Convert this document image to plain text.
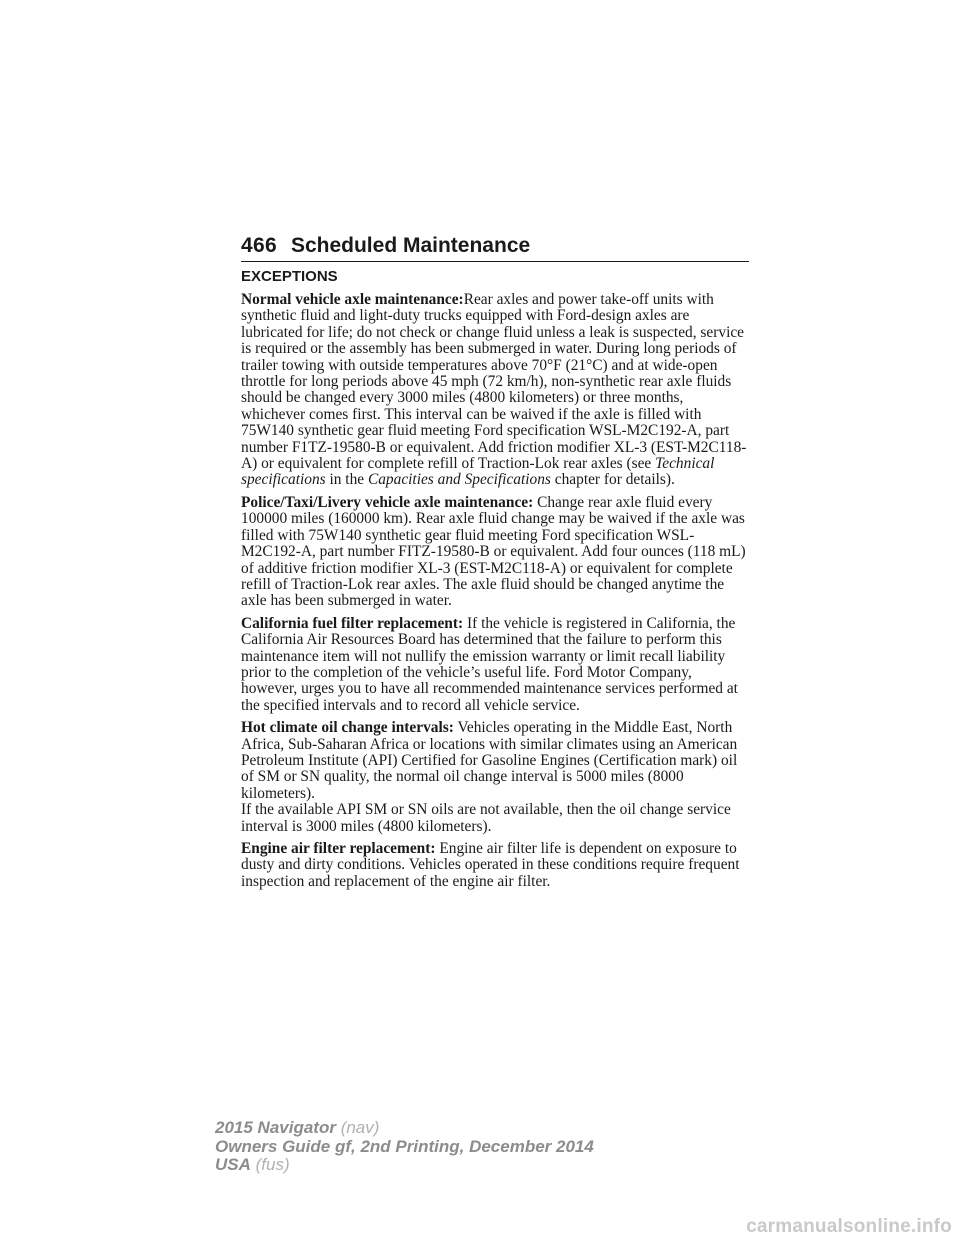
466 Scheduled Maintenance
EXCEPTIONS

Normal vehicle axle maintenance:Rear axles and power take-off units with synthetic fluid and light-duty trucks equipped with Ford-design axles are lubricated for life; do not check or change fluid unless a leak is suspected, service is required or the assembly has been submerged in water. During long periods of trailer towing with outside temperatures above 70°F (21°C) and at wide-open throttle for long periods above 45 mph (72 km/h), non-synthetic rear axle fluids should be changed every 3000 miles (4800 kilometers) or three months, whichever comes first. This interval can be waived if the axle is filled with 75W140 synthetic gear fluid meeting Ford specification WSL-M2C192-A, part number F1TZ-19580-B or equivalent. Add friction modifier XL-3 (EST-M2C118-A) or equivalent for complete refill of Traction-Lok rear axles (see Technical specifications in the Capacities and Specifications chapter for details).

Police/Taxi/Livery vehicle axle maintenance: Change rear axle fluid every 100000 miles (160000 km). Rear axle fluid change may be waived if the axle was filled with 75W140 synthetic gear fluid meeting Ford specification WSL-M2C192-A, part number FITZ-19580-B or equivalent. Add four ounces (118 mL) of additive friction modifier XL-3 (EST-M2C118-A) or equivalent for complete refill of Traction-Lok rear axles. The axle fluid should be changed anytime the axle has been submerged in water.

California fuel filter replacement: If the vehicle is registered in California, the California Air Resources Board has determined that the failure to perform this maintenance item will not nullify the emission warranty or limit recall liability prior to the completion of the vehicle’s useful life. Ford Motor Company, however, urges you to have all recommended maintenance services performed at the specified intervals and to record all vehicle service.

Hot climate oil change intervals: Vehicles operating in the Middle East, North Africa, Sub-Saharan Africa or locations with similar climates using an American Petroleum Institute (API) Certified for Gasoline Engines (Certification mark) oil of SM or SN quality, the normal oil change interval is 5000 miles (8000 kilometers).

If the available API SM or SN oils are not available, then the oil change service interval is 3000 miles (4800 kilometers).

Engine air filter replacement: Engine air filter life is dependent on exposure to dusty and dirty conditions. Vehicles operated in these conditions require frequent inspection and replacement of the engine air filter.

2015 Navigator (nav)
Owners Guide gf, 2nd Printing, December 2014
USA (fus)
carmanualsonline.info
